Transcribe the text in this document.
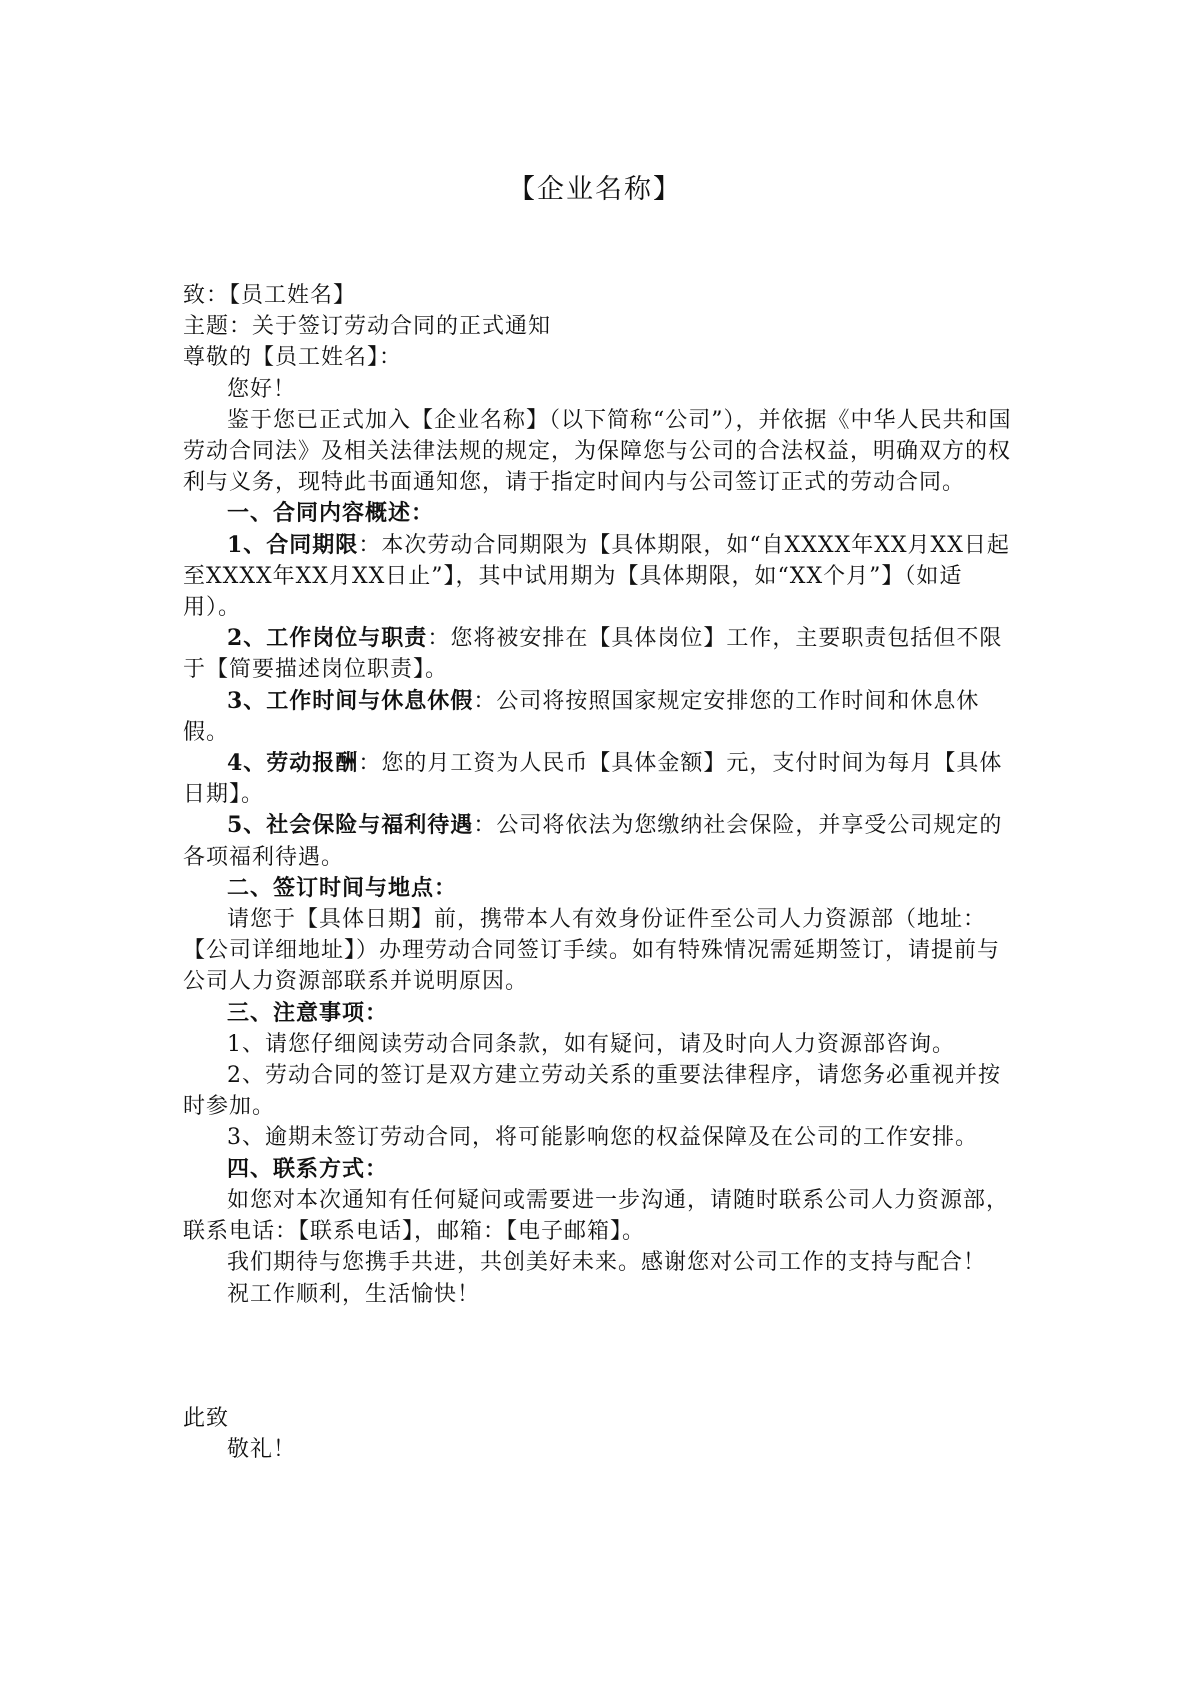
【企业名称】

致：【员工姓名】

主题：关于签订劳动合同的正式通知

尊敬的【员工姓名】：

您好！

鉴于您已正式加入【企业名称】（以下简称“公司”），并依据《中华人民共和国劳动合同法》及相关法律法规的规定，为保障您与公司的合法权益，明确双方的权利与义务，现特此书面通知您，请于指定时间内与公司签订正式的劳动合同。

一、合同内容概述：

1、合同期限：本次劳动合同期限为【具体期限，如“自XXXX年XX月XX日起至XXXX年XX月XX日止”】，其中试用期为【具体期限，如“XX个月”】（如适用）。

2、工作岗位与职责：您将被安排在【具体岗位】工作，主要职责包括但不限于【简要描述岗位职责】。

3、工作时间与休息休假：公司将按照国家规定安排您的工作时间和休息休假。

4、劳动报酬：您的月工资为人民币【具体金额】元，支付时间为每月【具体日期】。

5、社会保险与福利待遇：公司将依法为您缴纳社会保险，并享受公司规定的各项福利待遇。

二、签订时间与地点：

请您于【具体日期】前，携带本人有效身份证件至公司人力资源部（地址：【公司详细地址】）办理劳动合同签订手续。如有特殊情况需延期签订，请提前与公司人力资源部联系并说明原因。

三、注意事项：

1、请您仔细阅读劳动合同条款，如有疑问，请及时向人力资源部咨询。

2、劳动合同的签订是双方建立劳动关系的重要法律程序，请您务必重视并按时参加。

3、逾期未签订劳动合同，将可能影响您的权益保障及在公司的工作安排。

四、联系方式：

如您对本次通知有任何疑问或需要进一步沟通，请随时联系公司人力资源部，联系电话：【联系电话】，邮箱：【电子邮箱】。

我们期待与您携手共进，共创美好未来。感谢您对公司工作的支持与配合！

祝工作顺利，生活愉快！

此致

敬礼！
